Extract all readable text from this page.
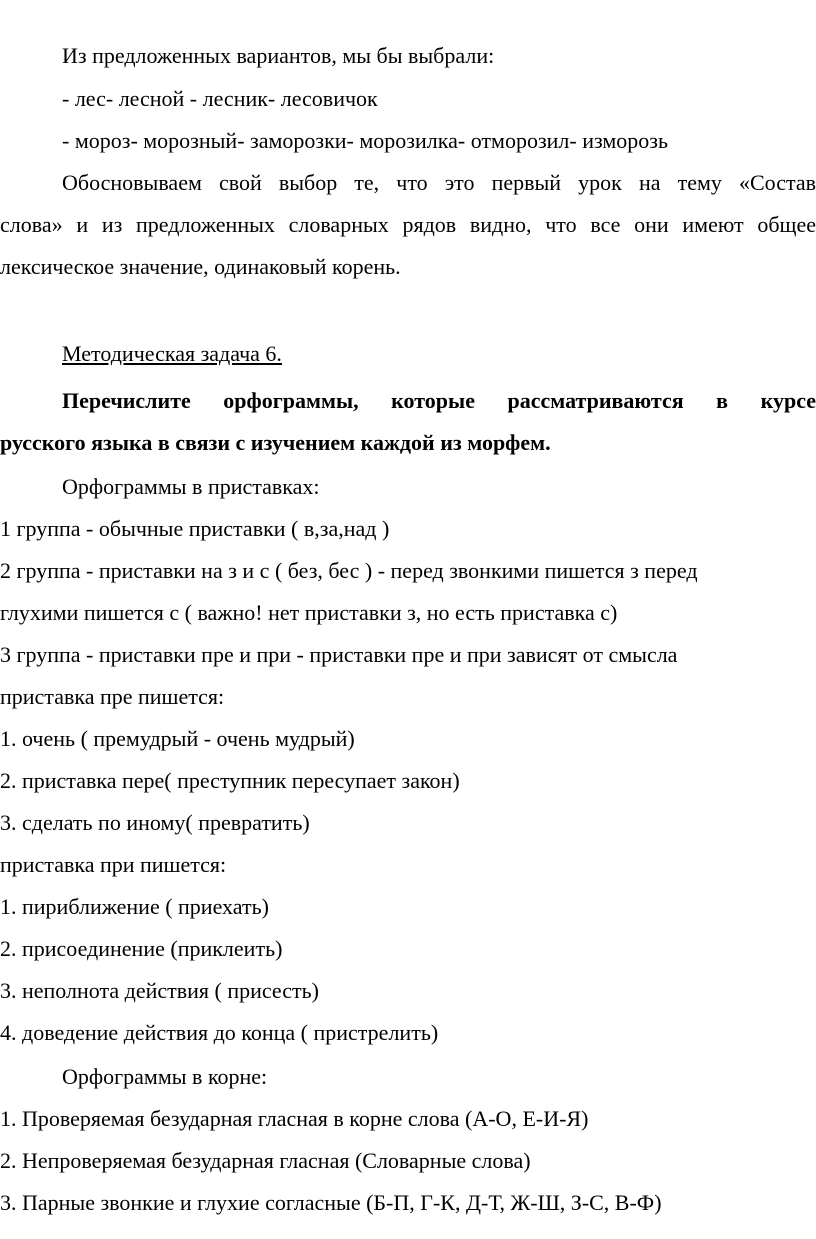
Из предложенных вариантов, мы бы выбрали:
- лес- лесной - лесник- лесовичок
- мороз- морозный- заморозки- морозилка- отморозил- изморозь
Обосновываем свой выбор те, что это первый урок на тему «Состав
слова» и из предложенных словарных рядов видно, что все они имеют общее
лексическое значение, одинаковый корень.
Методическая задача 6.
Перечислите орфограммы, которые рассматриваются в курсе
русского языка в связи с изучением каждой из морфем.
Орфограммы в приставках:
1 группа - обычные приставки ( в,за,над )
2 группа - приставки на з и с ( без, бес ) - перед звонкими пишется з перед
глухими пишется с ( важно! нет приставки з, но есть приставка с)
3 группа - приставки пре и при - приставки пре и при зависят от смысла
приставка пре пишется:
1. очень ( премудрый - очень мудрый)
2. приставка пере( преступник пересупает закон)
3. сделать по иному( превратить)
приставка при пишется:
1. пириближение ( приехать)
2. присоединение (приклеить)
3. неполнота действия ( присесть)
4. доведение действия до конца ( пристрелить)
Орфограммы в корне:
1. Проверяемая безударная гласная в корне слова (А-О, Е-И-Я)
2. Непроверяемая безударная гласная (Словарные слова)
3. Парные звонкие и глухие согласные (Б-П, Г-К, Д-Т, Ж-Ш, З-С, В-Ф)
